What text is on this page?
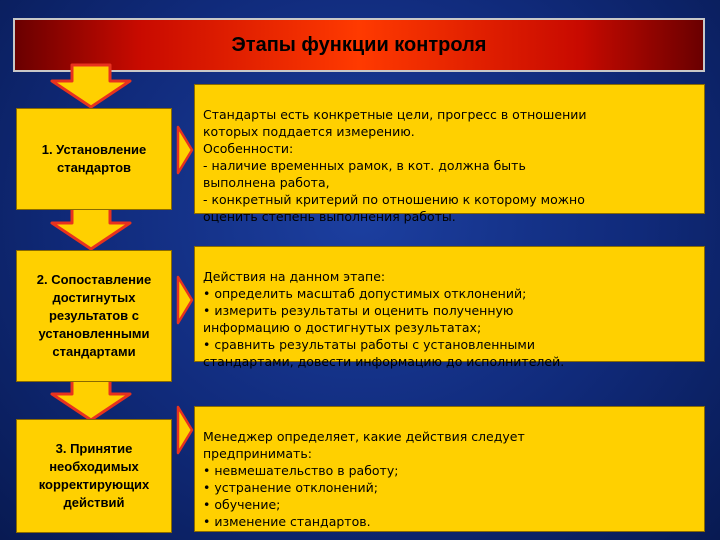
Этапы функции контроля
1. Установление
стандартов
2. Сопоставление
достигнутых
результатов с
установленными
стандартами
3. Принятие
необходимых
корректирующих
действий

Стандарты есть конкретные цели, прогресс в отношении
которых поддается измерению.
Особенности:
- наличие временных рамок, в кот. должна быть
выполнена работа,
- конкретный критерий по отношению к которому можно
оценить степень выполнения работы.

Действия на данном этапе:
• определить масштаб допустимых отклонений;
• измерить результаты и оценить полученную
информацию о достигнутых результатах;
• сравнить результаты работы с установленными
стандартами, довести информацию до исполнителей.

Менеджер определяет, какие действия следует
предпринимать:
• невмешательство в работу;
• устранение отклонений;
• обучение;
• изменение стандартов.
